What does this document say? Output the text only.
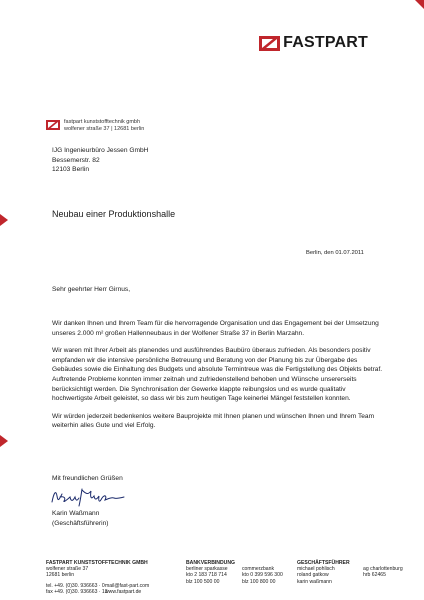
FASTPART
fastpart kunststofftechnik gmbh
wolfener straße 37 | 12681 berlin
IJG Ingenieurbüro Jessen GmbH
Bessemerstr. 82
12103 Berlin
Neubau einer Produktionshalle
Berlin, den 01.07.2011
Sehr geehrter Herr Girnus,

Wir danken Ihnen und Ihrem Team für die hervorragende Organisation und das Engagement bei der Umsetzung unseres 2.000 m² großen Hallenneubaus in der Wolfener Straße 37 in Berlin Marzahn.

Wir waren mit Ihrer Arbeit als planendes und ausführendes Baubüro überaus zufrieden. Als besonders positiv empfanden wir die intensive persönliche Betreuung und Beratung von der Planung bis zur Übergabe des Gebäudes sowie die Einhaltung des Budgets und absolute Termintreue was die Fertigstellung des Objekts betraf. Auftretende Probleme konnten immer zeitnah und zufriedenstellend behoben und Wünsche unsererseits berücksichtigt werden. Die Synchronisation der Gewerke klappte reibungslos und es wurde qualitativ hochwertigste Arbeit geleistet, so dass wir bis zum heutigen Tage keinerlei Mängel feststellen konnten.

Wir würden jederzeit bedenkenlos weitere Bauprojekte mit Ihnen planen und wünschen Ihnen und Ihrem Team weiterhin alles Gute und viel Erfolg.

Mit freundlichen Grüßen
Karin Waßmann
(Geschäftsführerin)
FASTPART KUNSTSTOFFTECHNIK GMBH
wolfener straße 37
12681 berlin
tel. +49. (0)30. 936663 · 0 mail@fast-part.com
fax +49. (0)30. 936663 · 13
www.fastpart.de
BANKVERBINDUNG
berliner sparkasse	commerzbank
kto 2 183 718 714	kto 0 399 596 300
blz 100 500 00	blz 100 800 00
GESCHÄFTSFÜHRER
michael pohlisch	ag charlottenburg
roland gatkow	hrb 62465
karin waßmann
